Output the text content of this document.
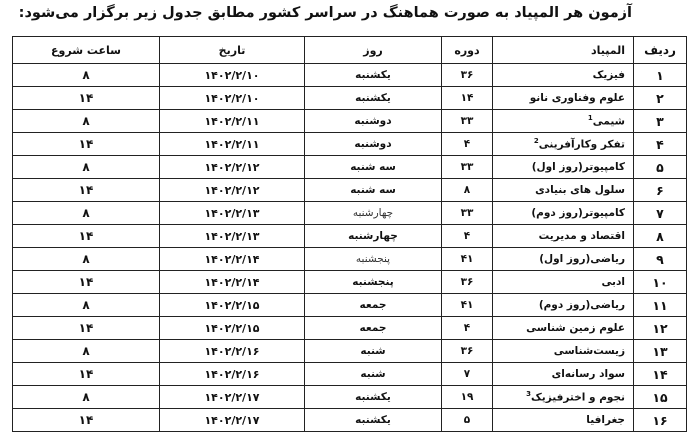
آزمون هر المپیاد به صورت هماهنگ در سراسر کشور مطابق جدول زیر برگزار می‌شود:
ردیف	المپیاد	دوره	روز	تاریخ	ساعت شروع
۱	فیزیک	۳۶	یکشنبه	۱۴۰۲/۲/۱۰	۸
۲	علوم وفناوری نانو	۱۴	یکشنبه	۱۴۰۲/۲/۱۰	۱۴
۳	شیمی$^1$	۳۳	دوشنبه	۱۴۰۲/۲/۱۱	۸
۴	تفکر وکارآفرینی$^2$	۴	دوشنبه	۱۴۰۲/۲/۱۱	۱۴
۵	کامپیوتر(روز اول)	۳۳	سه شنبه	۱۴۰۲/۲/۱۲	۸
۶	سلول های بنیادی	۸	سه شنبه	۱۴۰۲/۲/۱۲	۱۴
۷	کامپیوتر(روز دوم)	۳۳	چهارشنبه	۱۴۰۲/۲/۱۳	۸
۸	اقتصاد و مدیریت	۴	چهارشنبه	۱۴۰۲/۲/۱۳	۱۴
۹	ریاضی(روز اول)	۴۱	پنجشنبه	۱۴۰۲/۲/۱۴	۸
۱۰	ادبی	۳۶	پنجشنبه	۱۴۰۲/۲/۱۴	۱۴
۱۱	ریاضی(روز دوم)	۴۱	جمعه	۱۴۰۲/۲/۱۵	۸
۱۲	علوم زمین شناسی	۴	جمعه	۱۴۰۲/۲/۱۵	۱۴
۱۳	زیست‌شناسی	۳۶	شنبه	۱۴۰۲/۲/۱۶	۸
۱۴	سواد رسانه‌ای	۷	شنبه	۱۴۰۲/۲/۱۶	۱۴
۱۵	نجوم و اخترفیزیک$^3$	۱۹	یکشنبه	۱۴۰۲/۲/۱۷	۸
۱۶	جغرافیا	۵	یکشنبه	۱۴۰۲/۲/۱۷	۱۴
